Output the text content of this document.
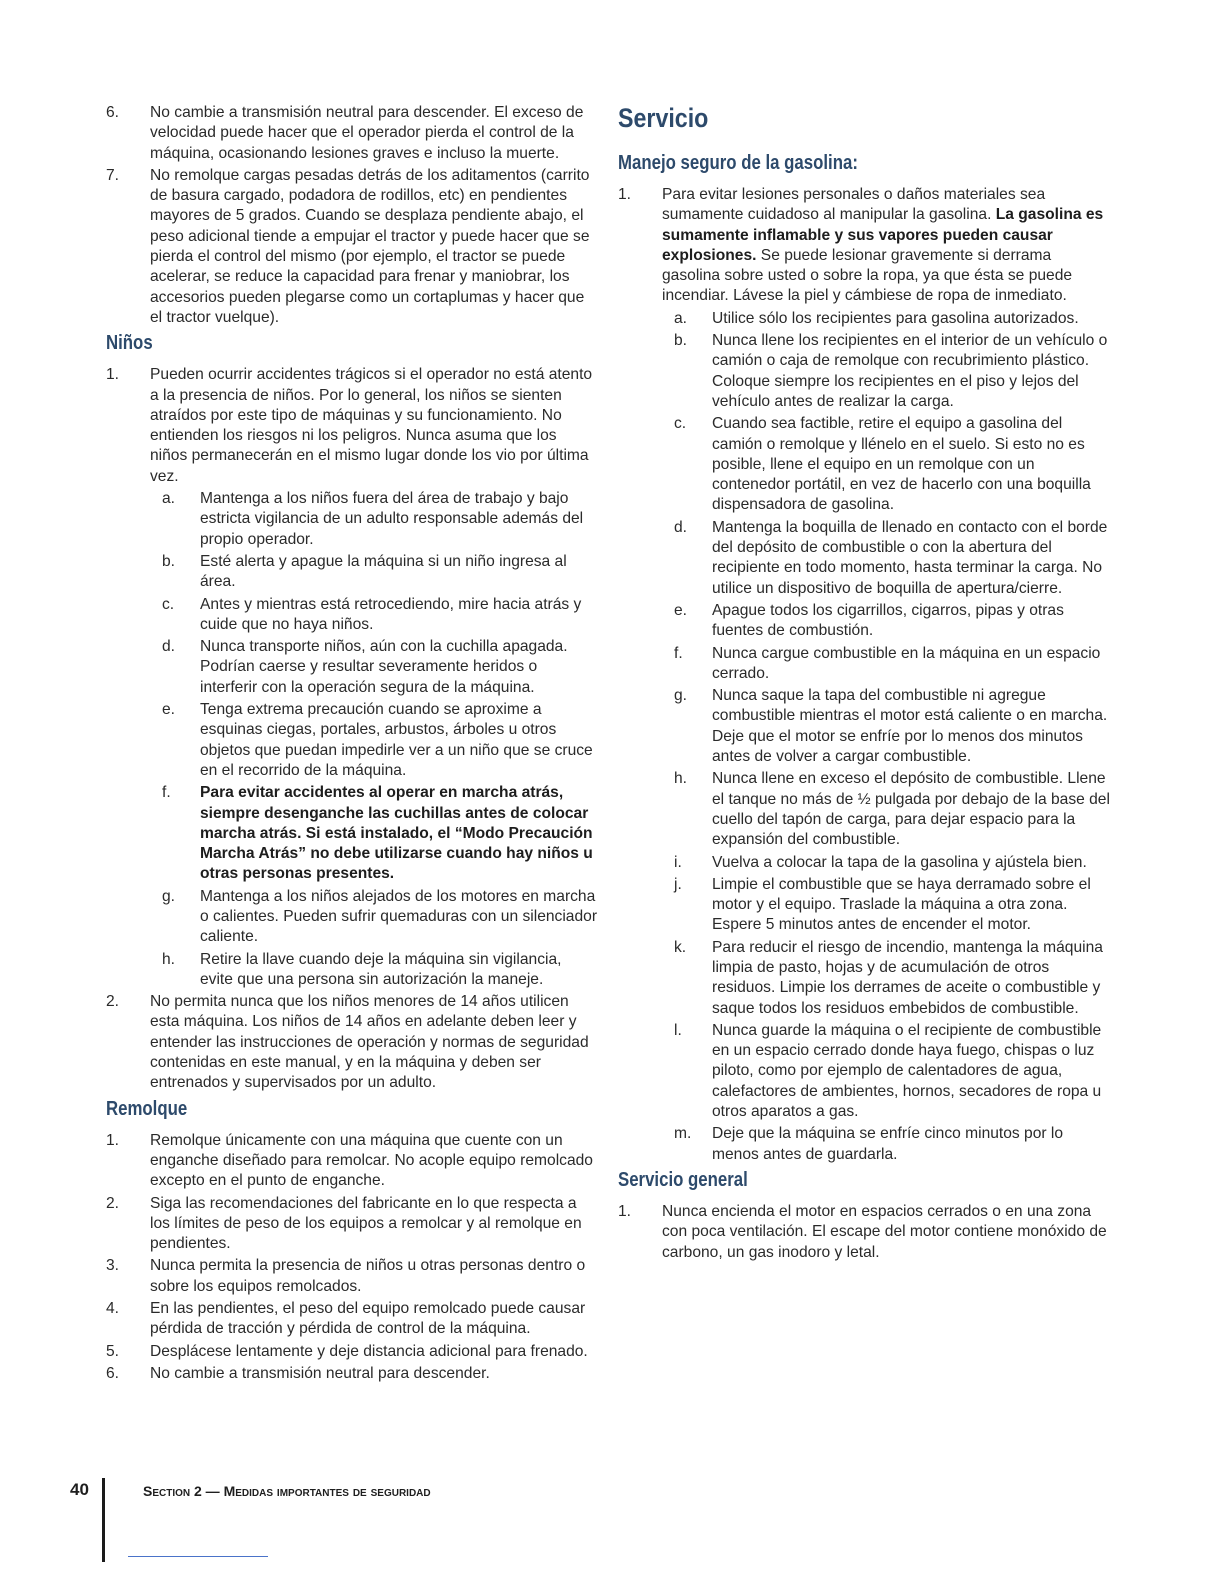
6.	No cambie a transmisión neutral para descender. El exceso de velocidad puede hacer que el operador pierda el control de la máquina, ocasionando lesiones graves e incluso la muerte.
7.	No remolque cargas pesadas detrás de los aditamentos (carrito de basura cargado, podadora de rodillos, etc) en pendientes mayores de 5 grados. Cuando se desplaza pendiente abajo, el peso adicional tiende a empujar el tractor y puede hacer que se pierda el control del mismo (por ejemplo, el tractor se puede acelerar, se reduce la capacidad para frenar y maniobrar, los accesorios pueden plegarse como un cortaplumas y hacer que el tractor vuelque).
Niños
1.	Pueden ocurrir accidentes trágicos si el operador no está atento a la presencia de niños. Por lo general, los niños se sienten atraídos por este tipo de máquinas y su funcionamiento. No entienden los riesgos ni los peligros. Nunca asuma que los niños permanecerán en el mismo lugar donde los vio por última vez.
a.	Mantenga a los niños fuera del área de trabajo y bajo estricta vigilancia de un adulto responsable además del propio operador.
b.	Esté alerta y apague la máquina si un niño ingresa al área.
c.	Antes y mientras está retrocediendo, mire hacia atrás y cuide que no haya niños.
d.	Nunca transporte niños, aún con la cuchilla apagada. Podrían caerse y resultar severamente heridos o interferir con la operación segura de la máquina.
e.	Tenga extrema precaución cuando se aproxime a esquinas ciegas, portales, arbustos, árboles u otros objetos que puedan impedirle ver a un niño que se cruce en el recorrido de la máquina.
f.	Para evitar accidentes al operar en marcha atrás, siempre desenganche las cuchillas antes de colocar marcha atrás. Si está instalado, el “Modo Precaución Marcha Atrás” no debe utilizarse cuando hay niños u otras personas presentes.
g.	Mantenga a los niños alejados de los motores en marcha o calientes. Pueden sufrir quemaduras con un silenciador caliente.
h.	Retire la llave cuando deje la máquina sin vigilancia, evite que una persona sin autorización la maneje.
2.	No permita nunca que los niños menores de 14 años utilicen esta máquina. Los niños de 14 años en adelante deben leer y entender las instrucciones de operación y normas de seguridad contenidas en este manual, y en la máquina y deben ser entrenados y supervisados por un adulto.
Remolque
1.	Remolque únicamente con una máquina que cuente con un enganche diseñado para remolcar. No acople equipo remolcado excepto en el punto de enganche.
2.	Siga las recomendaciones del fabricante en lo que respecta a los límites de peso de los equipos a remolcar y al remolque en pendientes.
3.	Nunca permita la presencia de niños u otras personas dentro o sobre los equipos remolcados.
4.	En las pendientes, el peso del equipo remolcado puede causar pérdida de tracción y pérdida de control de la máquina.
5.	Desplácese lentamente y deje distancia adicional para frenado.
6.	No cambie a transmisión neutral para descender.
Servicio
Manejo seguro de la gasolina:
1.	Para evitar lesiones personales o daños materiales sea sumamente cuidadoso al manipular la gasolina. La gasolina es sumamente inflamable y sus vapores pueden causar explosiones. Se puede lesionar gravemente si derrama gasolina sobre usted o sobre la ropa, ya que ésta se puede incendiar. Lávese la piel y cámbiese de ropa de inmediato.
a.	Utilice sólo los recipientes para gasolina autorizados.
b.	Nunca llene los recipientes en el interior de un vehículo o camión o caja de remolque con recubrimiento plástico. Coloque siempre los recipientes en el piso y lejos del vehículo antes de realizar la carga.
c.	Cuando sea factible, retire el equipo a gasolina del camión o remolque y llénelo en el suelo. Si esto no es posible, llene el equipo en un remolque con un contenedor portátil, en vez de hacerlo con una boquilla dispensadora de gasolina.
d.	Mantenga la boquilla de llenado en contacto con el borde del depósito de combustible o con la abertura del recipiente en todo momento, hasta terminar la carga. No utilice un dispositivo de boquilla de apertura/cierre.
e.	Apague todos los cigarrillos, cigarros, pipas y otras fuentes de combustión.
f.	Nunca cargue combustible en la máquina en un espacio cerrado.
g.	Nunca saque la tapa del combustible ni agregue combustible mientras el motor está caliente o en marcha. Deje que el motor se enfríe por lo menos dos minutos antes de volver a cargar combustible.
h.	Nunca llene en exceso el depósito de combustible. Llene el tanque no más de ½ pulgada por debajo de la base del cuello del tapón de carga, para dejar espacio para la expansión del combustible.
i.	Vuelva a colocar la tapa de la gasolina y ajústela bien.
j.	Limpie el combustible que se haya derramado sobre el motor y el equipo. Traslade la máquina a otra zona. Espere 5 minutos antes de encender el motor.
k.	Para reducir el riesgo de incendio, mantenga la máquina limpia de pasto, hojas y de acumulación de otros residuos. Limpie los derrames de aceite o combustible y saque todos los residuos embebidos de combustible.
l.	Nunca guarde la máquina o el recipiente de combustible en un espacio cerrado donde haya fuego, chispas o luz piloto, como por ejemplo de calentadores de agua, calefactores de ambientes, hornos, secadores de ropa u otros aparatos a gas.
m.	Deje que la máquina se enfríe cinco minutos por lo menos antes de guardarla.
Servicio general
1.	Nunca encienda el motor en espacios cerrados o en una zona con poca ventilación. El escape del motor contiene monóxido de carbono, un gas inodoro y letal.
40	Section 2 — Medidas importantes de seguridad
